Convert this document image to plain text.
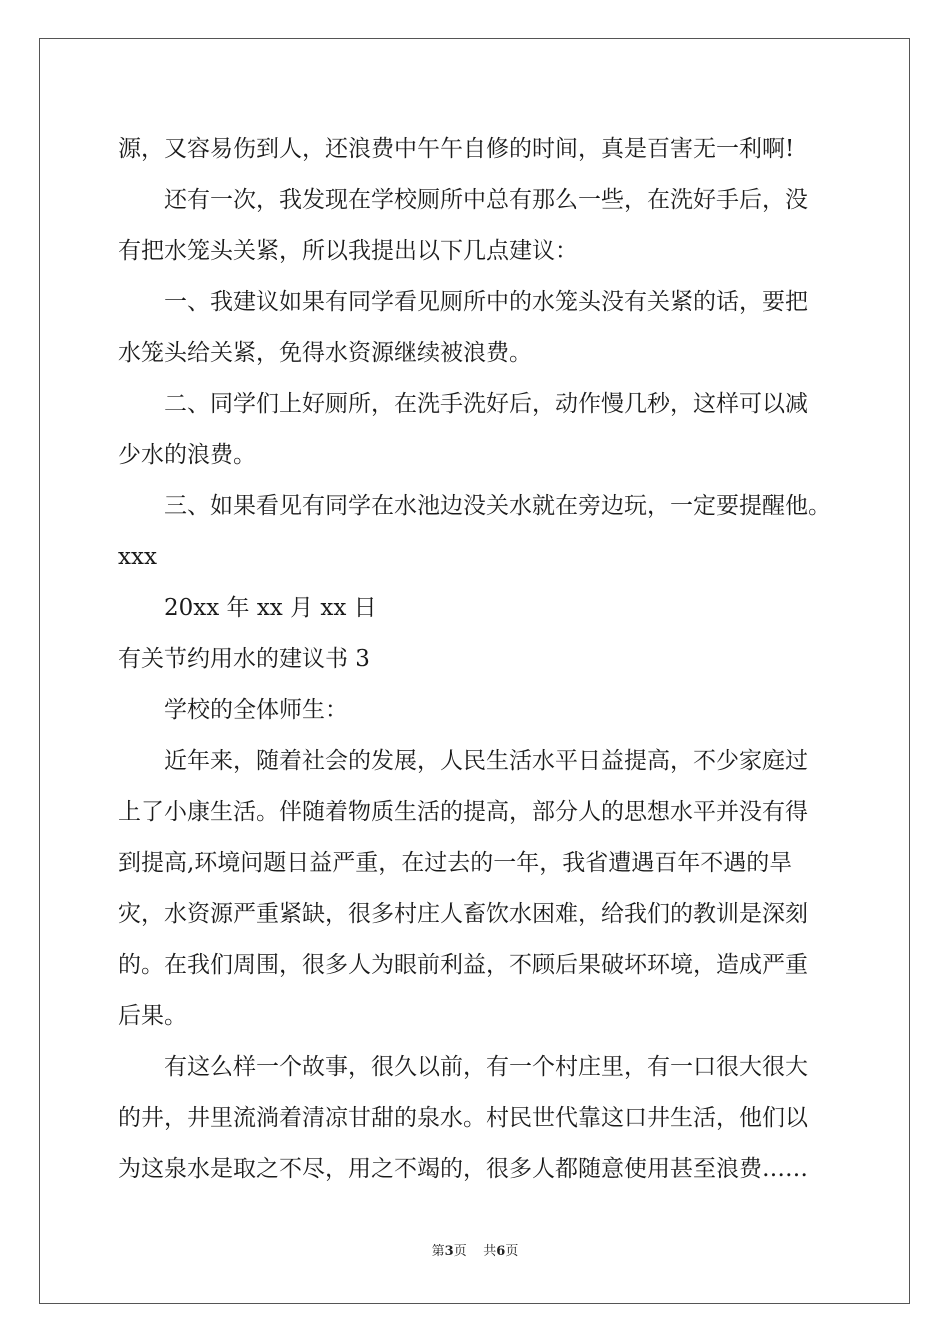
源，又容易伤到人，还浪费中午午自修的时间，真是百害无一利啊!
还有一次，我发现在学校厕所中总有那么一些，在洗好手后，没
有把水笼头关紧，所以我提出以下几点建议：
一、我建议如果有同学看见厕所中的水笼头没有关紧的话，要把
水笼头给关紧，免得水资源继续被浪费。
二、同学们上好厕所，在洗手洗好后，动作慢几秒，这样可以减
少水的浪费。
三、如果看见有同学在水池边没关水就在旁边玩，一定要提醒他。
xxx
20xx 年 xx 月 xx 日
有关节约用水的建议书 3
学校的全体师生：
近年来，随着社会的发展，人民生活水平日益提高，不少家庭过
上了小康生活。伴随着物质生活的提高，部分人的思想水平并没有得
到提高,环境问题日益严重，在过去的一年，我省遭遇百年不遇的旱
灾，水资源严重紧缺，很多村庄人畜饮水困难，给我们的教训是深刻
的。在我们周围，很多人为眼前利益，不顾后果破坏环境，造成严重
后果。
有这么样一个故事，很久以前，有一个村庄里，有一口很大很大
的井，井里流淌着清凉甘甜的泉水。村民世代靠这口井生活，他们以
为这泉水是取之不尽，用之不竭的，很多人都随意使用甚至浪费……
第3页 共6页
